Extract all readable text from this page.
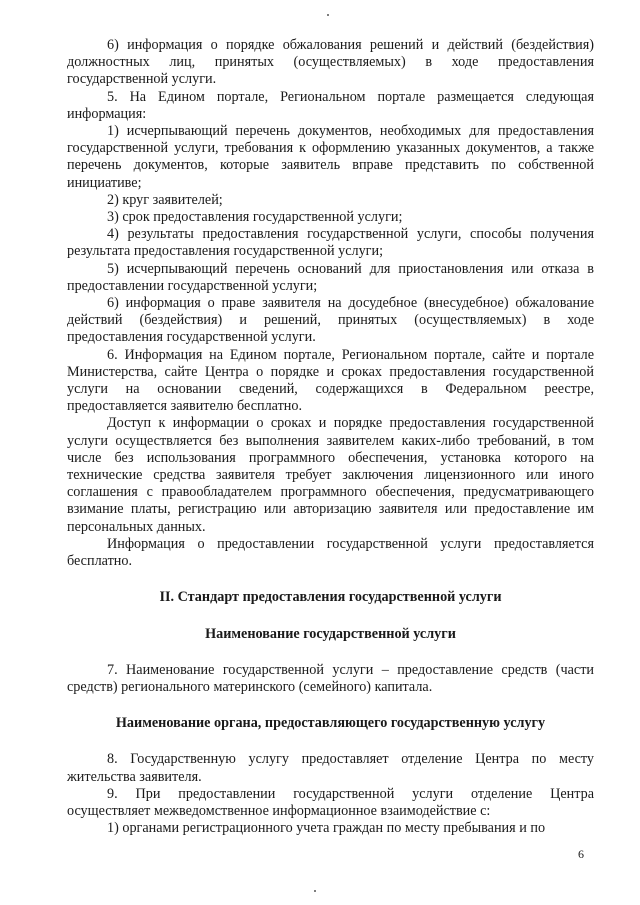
6) информация о порядке обжалования решений и действий (бездействия) должностных лиц, принятых (осуществляемых) в ходе предоставления государственной услуги.

5. На Едином портале, Региональном портале размещается следующая информация:

1) исчерпывающий перечень документов, необходимых для предоставления государственной услуги, требования к оформлению указанных документов, а также перечень документов, которые заявитель вправе представить по собственной инициативе;

2) круг заявителей;

3) срок предоставления государственной услуги;

4) результаты предоставления государственной услуги, способы получения результата предоставления государственной услуги;

5) исчерпывающий перечень оснований для приостановления или отказа в предоставлении государственной услуги;

6) информация о праве заявителя на досудебное (внесудебное) обжалование действий (бездействия) и решений, принятых (осуществляемых) в ходе предоставления государственной услуги.

6. Информация на Едином портале, Региональном портале, сайте и портале Министерства, сайте Центра о порядке и сроках предоставления государственной услуги на основании сведений, содержащихся в Федеральном реестре, предоставляется заявителю бесплатно.

Доступ к информации о сроках и порядке предоставления государственной услуги осуществляется без выполнения заявителем каких-либо требований, в том числе без использования программного обеспечения, установка которого на технические средства заявителя требует заключения лицензионного или иного соглашения с правообладателем программного обеспечения, предусматривающего взимание платы, регистрацию или авторизацию заявителя или предоставление им персональных данных.

Информация о предоставлении государственной услуги предоставляется бесплатно.

II. Стандарт предоставления государственной услуги

Наименование государственной услуги

7. Наименование государственной услуги – предоставление средств (части средств) регионального материнского (семейного) капитала.

Наименование органа, предоставляющего государственную услугу

8. Государственную услугу предоставляет отделение Центра по месту жительства заявителя.

9. При предоставлении государственной услуги отделение Центра осуществляет межведомственное информационное взаимодействие с:

1) органами регистрационного учета граждан по месту пребывания и по

6
